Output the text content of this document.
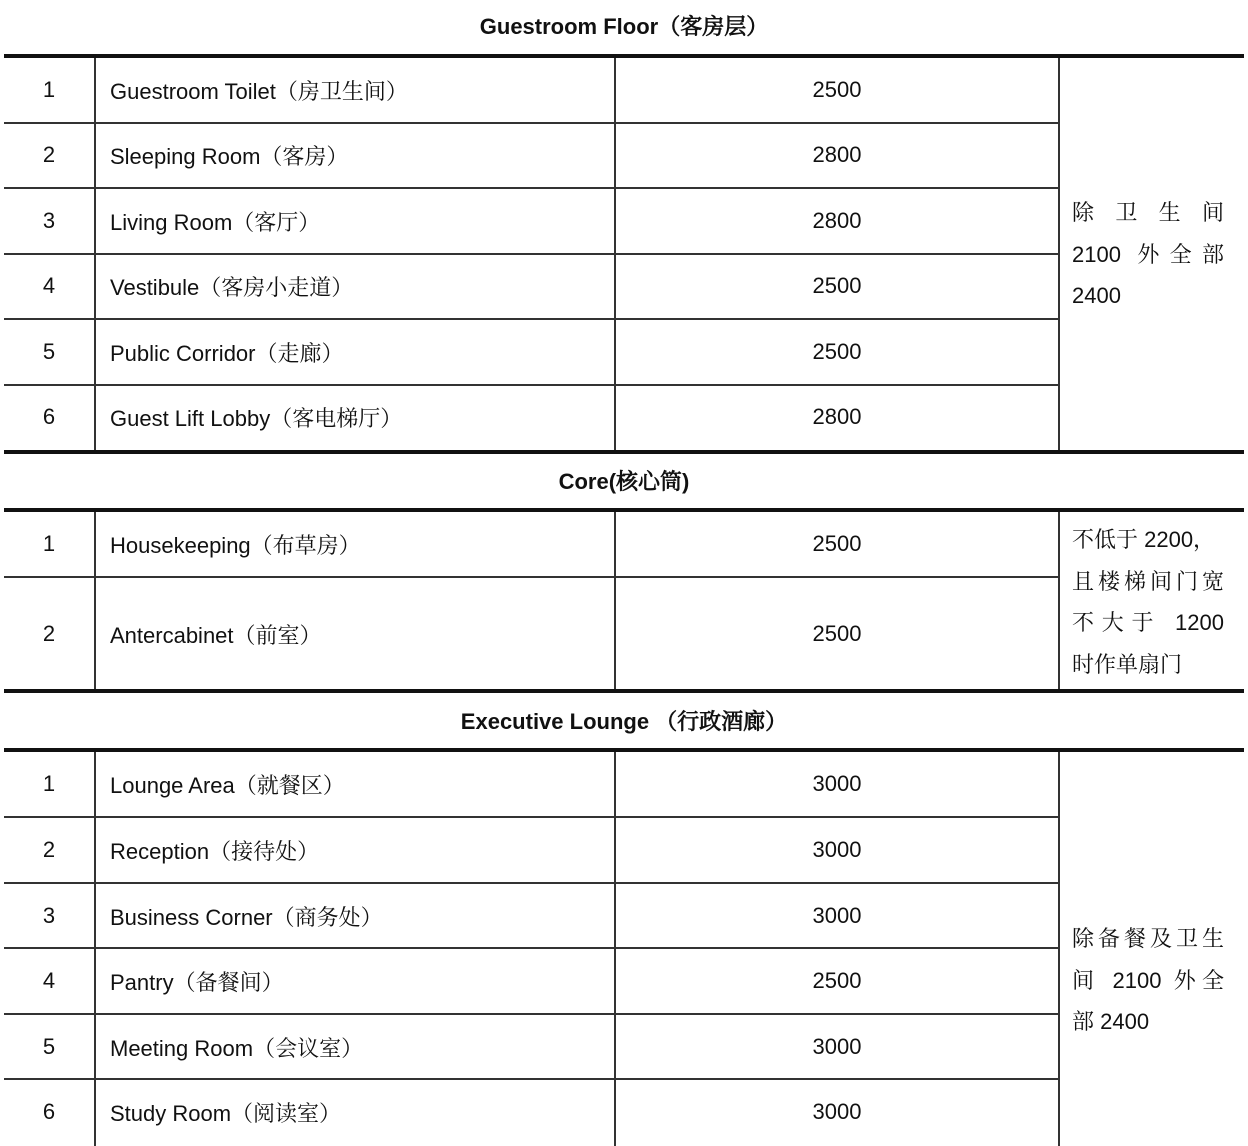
Guestroom Floor（客房层）
1	Guestroom Toilet（房卫生间）	2500
2	Sleeping Room（客房）	2800
3	Living Room（客厅）	2800
4	Vestibule（客房小走道）	2500
5	Public Corridor（走廊）	2500
6	Guest Lift Lobby（客电梯厅）	2800
除 卫 生 间
2100 外全部
2400
Core(核心筒)
1	Housekeeping（布草房）	2500
2	Antercabinet（前室）	2500
不低于 2200，
且楼梯间门宽
不大于 1200
时作单扇门
Executive Lounge （行政酒廊）
1	Lounge Area（就餐区）	3000
2	Reception（接待处）	3000
3	Business Corner（商务处）	3000
4	Pantry（备餐间）	2500
5	Meeting Room（会议室）	3000
6	Study Room（阅读室）	3000
除备餐及卫生
间 2100 外全
部 2400
